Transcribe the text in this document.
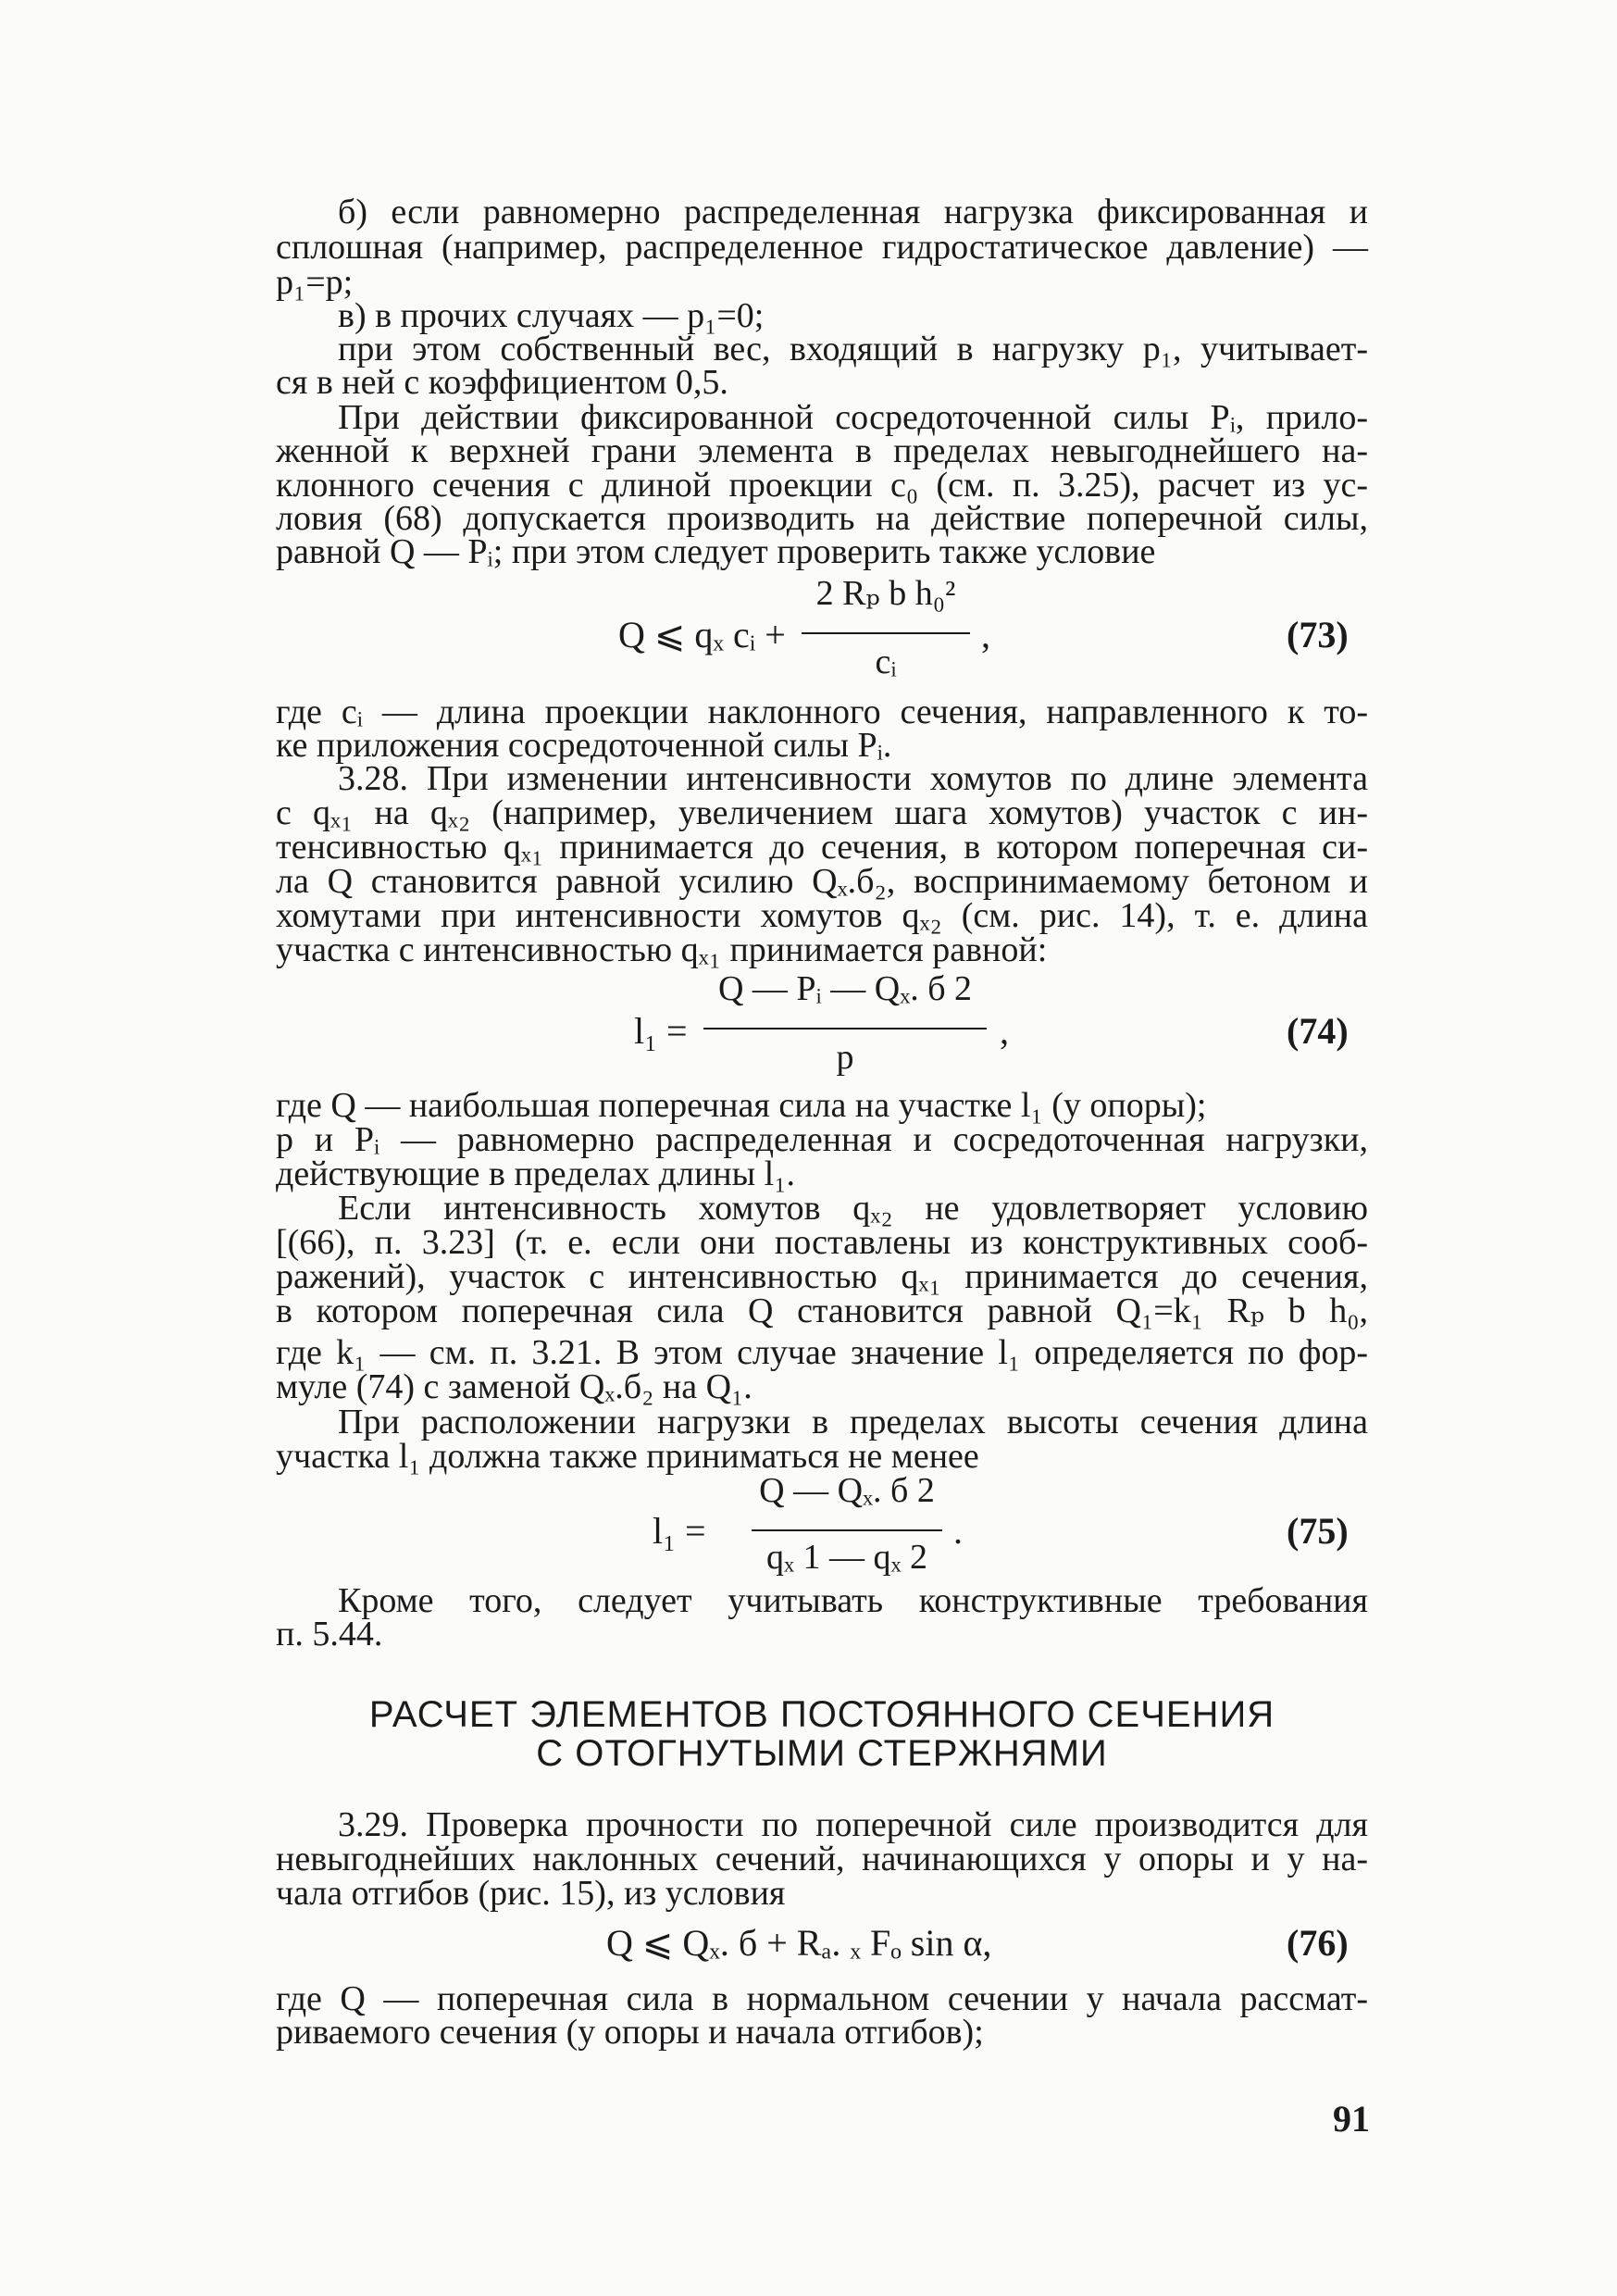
б) если равномерно распределенная нагрузка фиксированная и
сплошная (например, распределенное гидростатическое давление) —
p₁=p;
в) в прочих случаях — p₁=0;
при этом собственный вес, входящий в нагрузку p₁, учитывает-
ся в ней с коэффициентом 0,5.
При действии фиксированной сосредоточенной силы Pᵢ, прило-
женной к верхней грани элемента в пределах невыгоднейшего на-
клонного сечения с длиной проекции c₀ (см. п. 3.25), расчет из ус-
ловия (68) допускается производить на действие поперечной силы,
равной Q — Pᵢ; при этом следует проверить также условие
Q ⩽ qₓ cᵢ +
2 Rₚ b h₀²
cᵢ
,	(73)
где cᵢ — длина проекции наклонного сечения, направленного к то-
ке приложения сосредоточенной силы Pᵢ.
3.28. При изменении интенсивности хомутов по длине элемента
с qₓ₁ на qₓ₂ (например, увеличением шага хомутов) участок с ин-
тенсивностью qₓ₁ принимается до сечения, в котором поперечная си-
ла Q становится равной усилию Qₓ.б₂, воспринимаемому бетоном и
хомутами при интенсивности хомутов qₓ₂ (см. рис. 14), т. е. длина
участка с интенсивностью qₓ₁ принимается равной:
l₁ =
Q — Pᵢ — Qₓ. б 2
p
,	(74)
где Q — наибольшая поперечная сила на участке l₁ (у опоры);
p и Pᵢ — равномерно распределенная и сосредоточенная нагрузки,
действующие в пределах длины l₁.
Если интенсивность хомутов qₓ₂ не удовлетворяет условию
[(66), п. 3.23] (т. е. если они поставлены из конструктивных сооб-
ражений), участок с интенсивностью qₓ₁ принимается до сечения,
в котором поперечная сила Q становится равной Q₁=k₁ Rₚ b h₀,
где k₁ — см. п. 3.21. В этом случае значение l₁ определяется по фор-
муле (74) с заменой Qₓ.б₂ на Q₁.
При расположении нагрузки в пределах высоты сечения длина
участка l₁ должна также приниматься не менее
l₁ =
Q — Qₓ. б 2
qₓ 1 — qₓ 2
.	(75)
Кроме того, следует учитывать конструктивные требования
п. 5.44.
РАСЧЕТ ЭЛЕМЕНТОВ ПОСТОЯННОГО СЕЧЕНИЯ
С ОТОГНУТЫМИ СТЕРЖНЯМИ
3.29. Проверка прочности по поперечной силе производится для
невыгоднейших наклонных сечений, начинающихся у опоры и у на-
чала отгибов (рис. 15), из условия
Q ⩽ Qₓ. б + Rₐ. ₓ Fₒ sin α,	(76)
где Q — поперечная сила в нормальном сечении у начала рассмат-
риваемого сечения (у опоры и начала отгибов);
91
